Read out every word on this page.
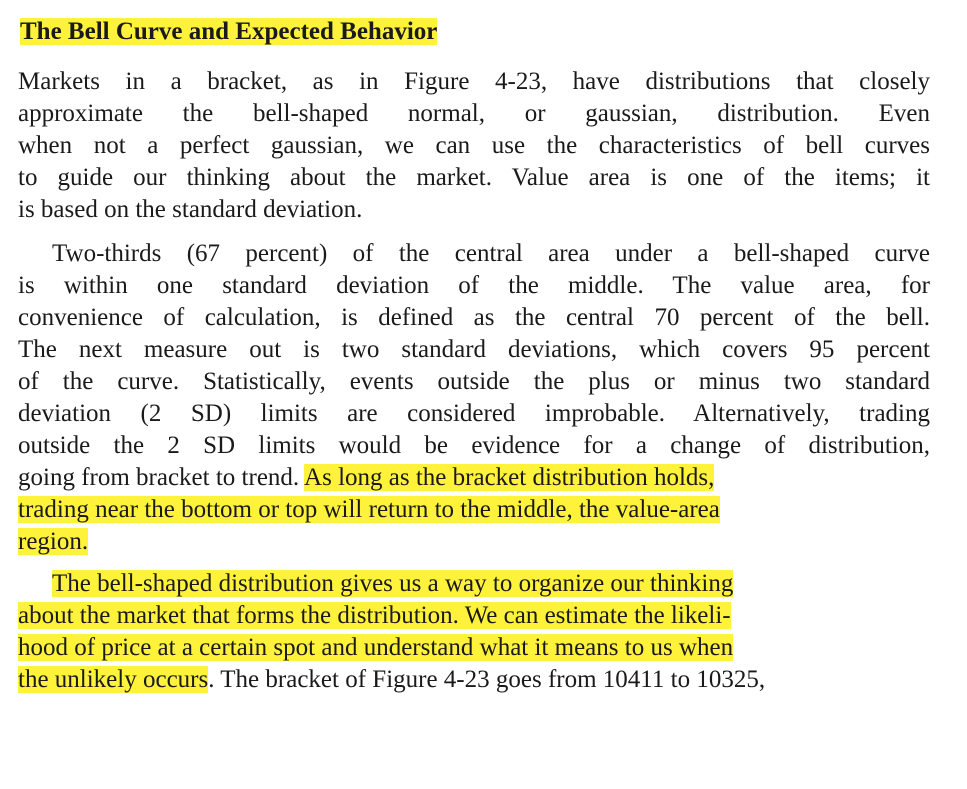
The Bell Curve and Expected Behavior

Markets in a bracket, as in Figure 4-23, have distributions that closely

approximate the bell-shaped normal, or gaussian, distribution. Even

when not a perfect gaussian, we can use the characteristics of bell curves

to guide our thinking about the market. Value area is one of the items; it

is based on the standard deviation.

Two-thirds (67 percent) of the central area under a bell-shaped curve

is within one standard deviation of the middle. The value area, for

convenience of calculation, is defined as the central 70 percent of the bell.

The next measure out is two standard deviations, which covers 95 percent

of the curve. Statistically, events outside the plus or minus two standard

deviation (2 SD) limits are considered improbable. Alternatively, trading

outside the 2 SD limits would be evidence for a change of distribution,

going from bracket to trend. As long as the bracket distribution holds,

trading near the bottom or top will return to the middle, the value-area

region.

The bell-shaped distribution gives us a way to organize our thinking

about the market that forms the distribution. We can estimate the likeli-

hood of price at a certain spot and understand what it means to us when

the unlikely occurs. The bracket of Figure 4-23 goes from 10411 to 10325,
